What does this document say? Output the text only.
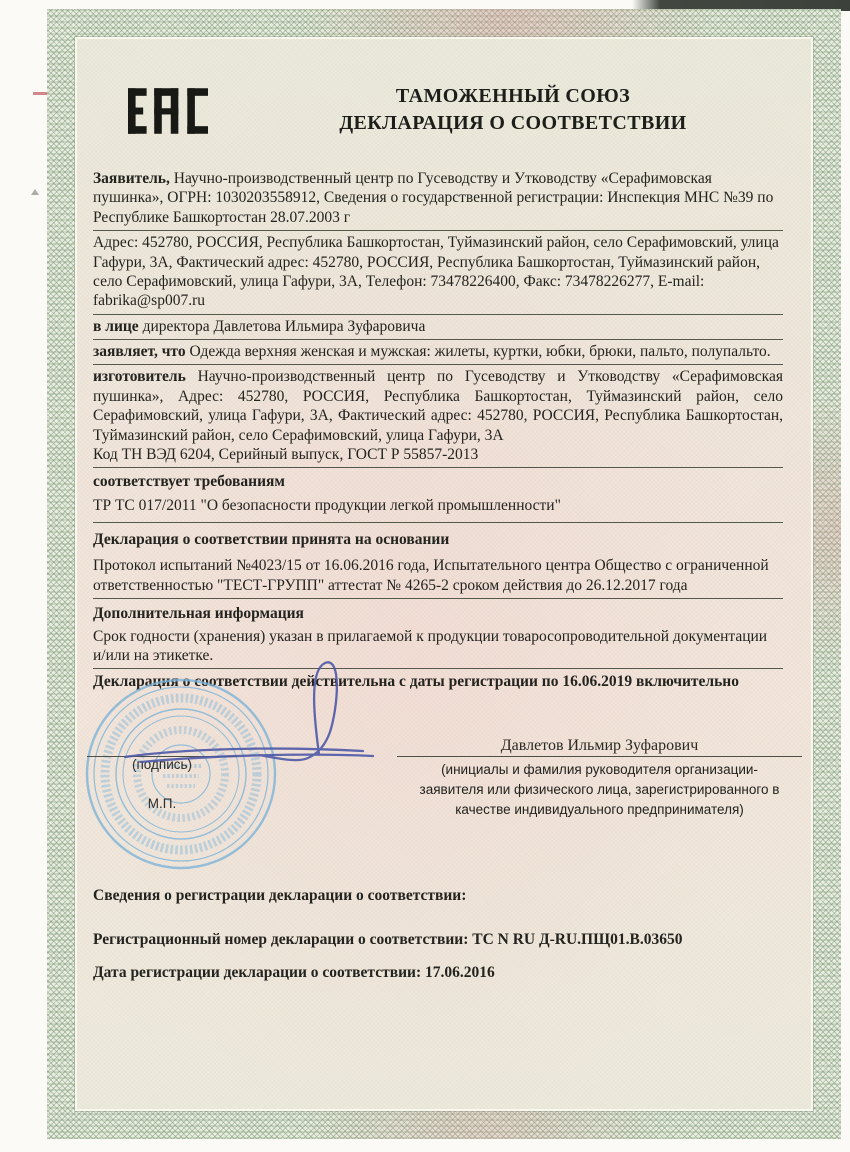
ТАМОЖЕННЫЙ СОЮЗ
ДЕКЛАРАЦИЯ О СООТВЕТСТВИИ
Заявитель, Научно-производственный центр по Гусеводству и Утководству «Серафимовская пушинка», ОГРН: 1030203558912, Сведения о государственной регистрации: Инспекция МНС №39 по Республике Башкортостан 28.07.2003 г
Адрес: 452780, РОССИЯ, Республика Башкортостан, Туймазинский район, село Серафимовский, улица Гафури, 3А, Фактический адрес: 452780, РОССИЯ, Республика Башкортостан, Туймазинский район, село Серафимовский, улица Гафури, 3А, Телефон: 73478226400, Факс: 73478226277, E-mail: fabrika@sp007.ru
в лице директора Давлетова Ильмира Зуфаровича
заявляет, что Одежда верхняя женская и мужская: жилеты, куртки, юбки, брюки, пальто, полупальто.
изготовитель Научно-производственный центр по Гусеводству и Утководству «Серафимовская пушинка», Адрес: 452780, РОССИЯ, Республика Башкортостан, Туймазинский район, село Серафимовский, улица Гафури, 3А, Фактический адрес: 452780, РОССИЯ, Республика Башкортостан, Туймазинский район, село Серафимовский, улица Гафури, 3А
Код ТН ВЭД 6204, Серийный выпуск, ГОСТ Р 55857-2013
соответствует требованиям
ТР ТС 017/2011 "О безопасности продукции легкой промышленности"
Декларация о соответствии принята на основании
Протокол испытаний №4023/15 от 16.06.2016 года, Испытательного центра Общество с ограниченной ответственностью "ТЕСТ-ГРУПП" аттестат № 4265-2 сроком действия до 26.12.2017 года
Дополнительная информация
Срок годности (хранения) указан в прилагаемой к продукции товаросопроводительной документации и/или на этикетке.
Декларация о соответствии действительна с даты регистрации по 16.06.2019 включительно
(подпись)
М.П.
Давлетов Ильмир Зуфарович
(инициалы и фамилия руководителя организации-
заявителя или физического лица, зарегистрированного в
качестве индивидуального предпринимателя)
Сведения о регистрации декларации о соответствии:
Регистрационный номер декларации о соответствии: ТС N RU Д-RU.ПЩ01.В.03650
Дата регистрации декларации о соответствии: 17.06.2016
